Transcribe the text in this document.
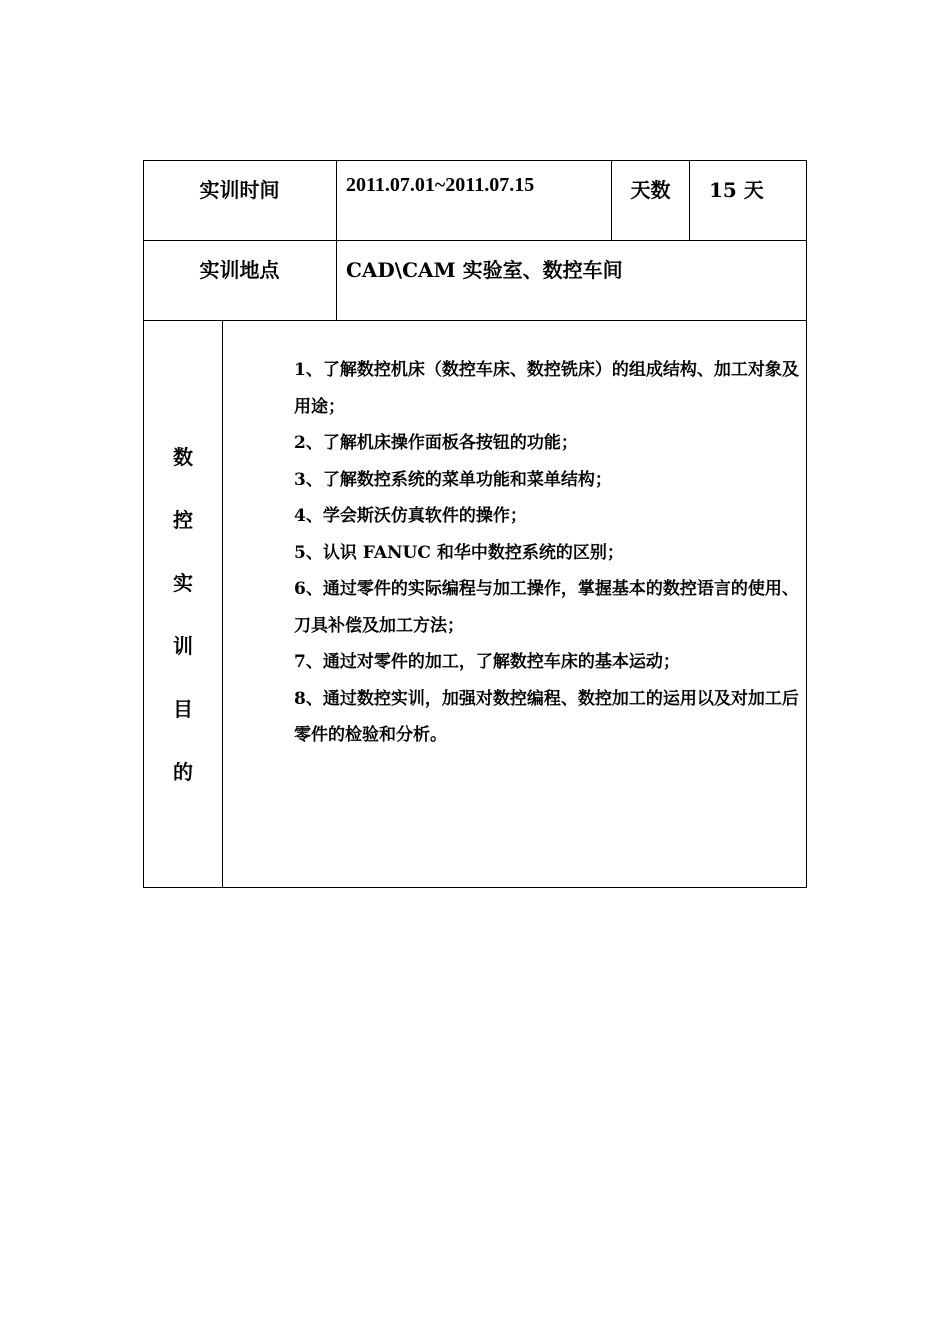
实训时间	2011.07.01~2011.07.15	天数	15 天
实训地点	CAD\CAM 实验室、数控车间
数
控
实
训
目
的

1、了解数控机床（数控车床、数控铣床）的组成结构、加工对象及用途；

2、了解机床操作面板各按钮的功能；

3、了解数控系统的菜单功能和菜单结构；

4、学会斯沃仿真软件的操作；

5、认识 FANUC 和华中数控系统的区别；

6、通过零件的实际编程与加工操作，掌握基本的数控语言的使用、刀具补偿及加工方法；

7、通过对零件的加工，了解数控车床的基本运动；

8、通过数控实训，加强对数控编程、数控加工的运用以及对加工后零件的检验和分析。
